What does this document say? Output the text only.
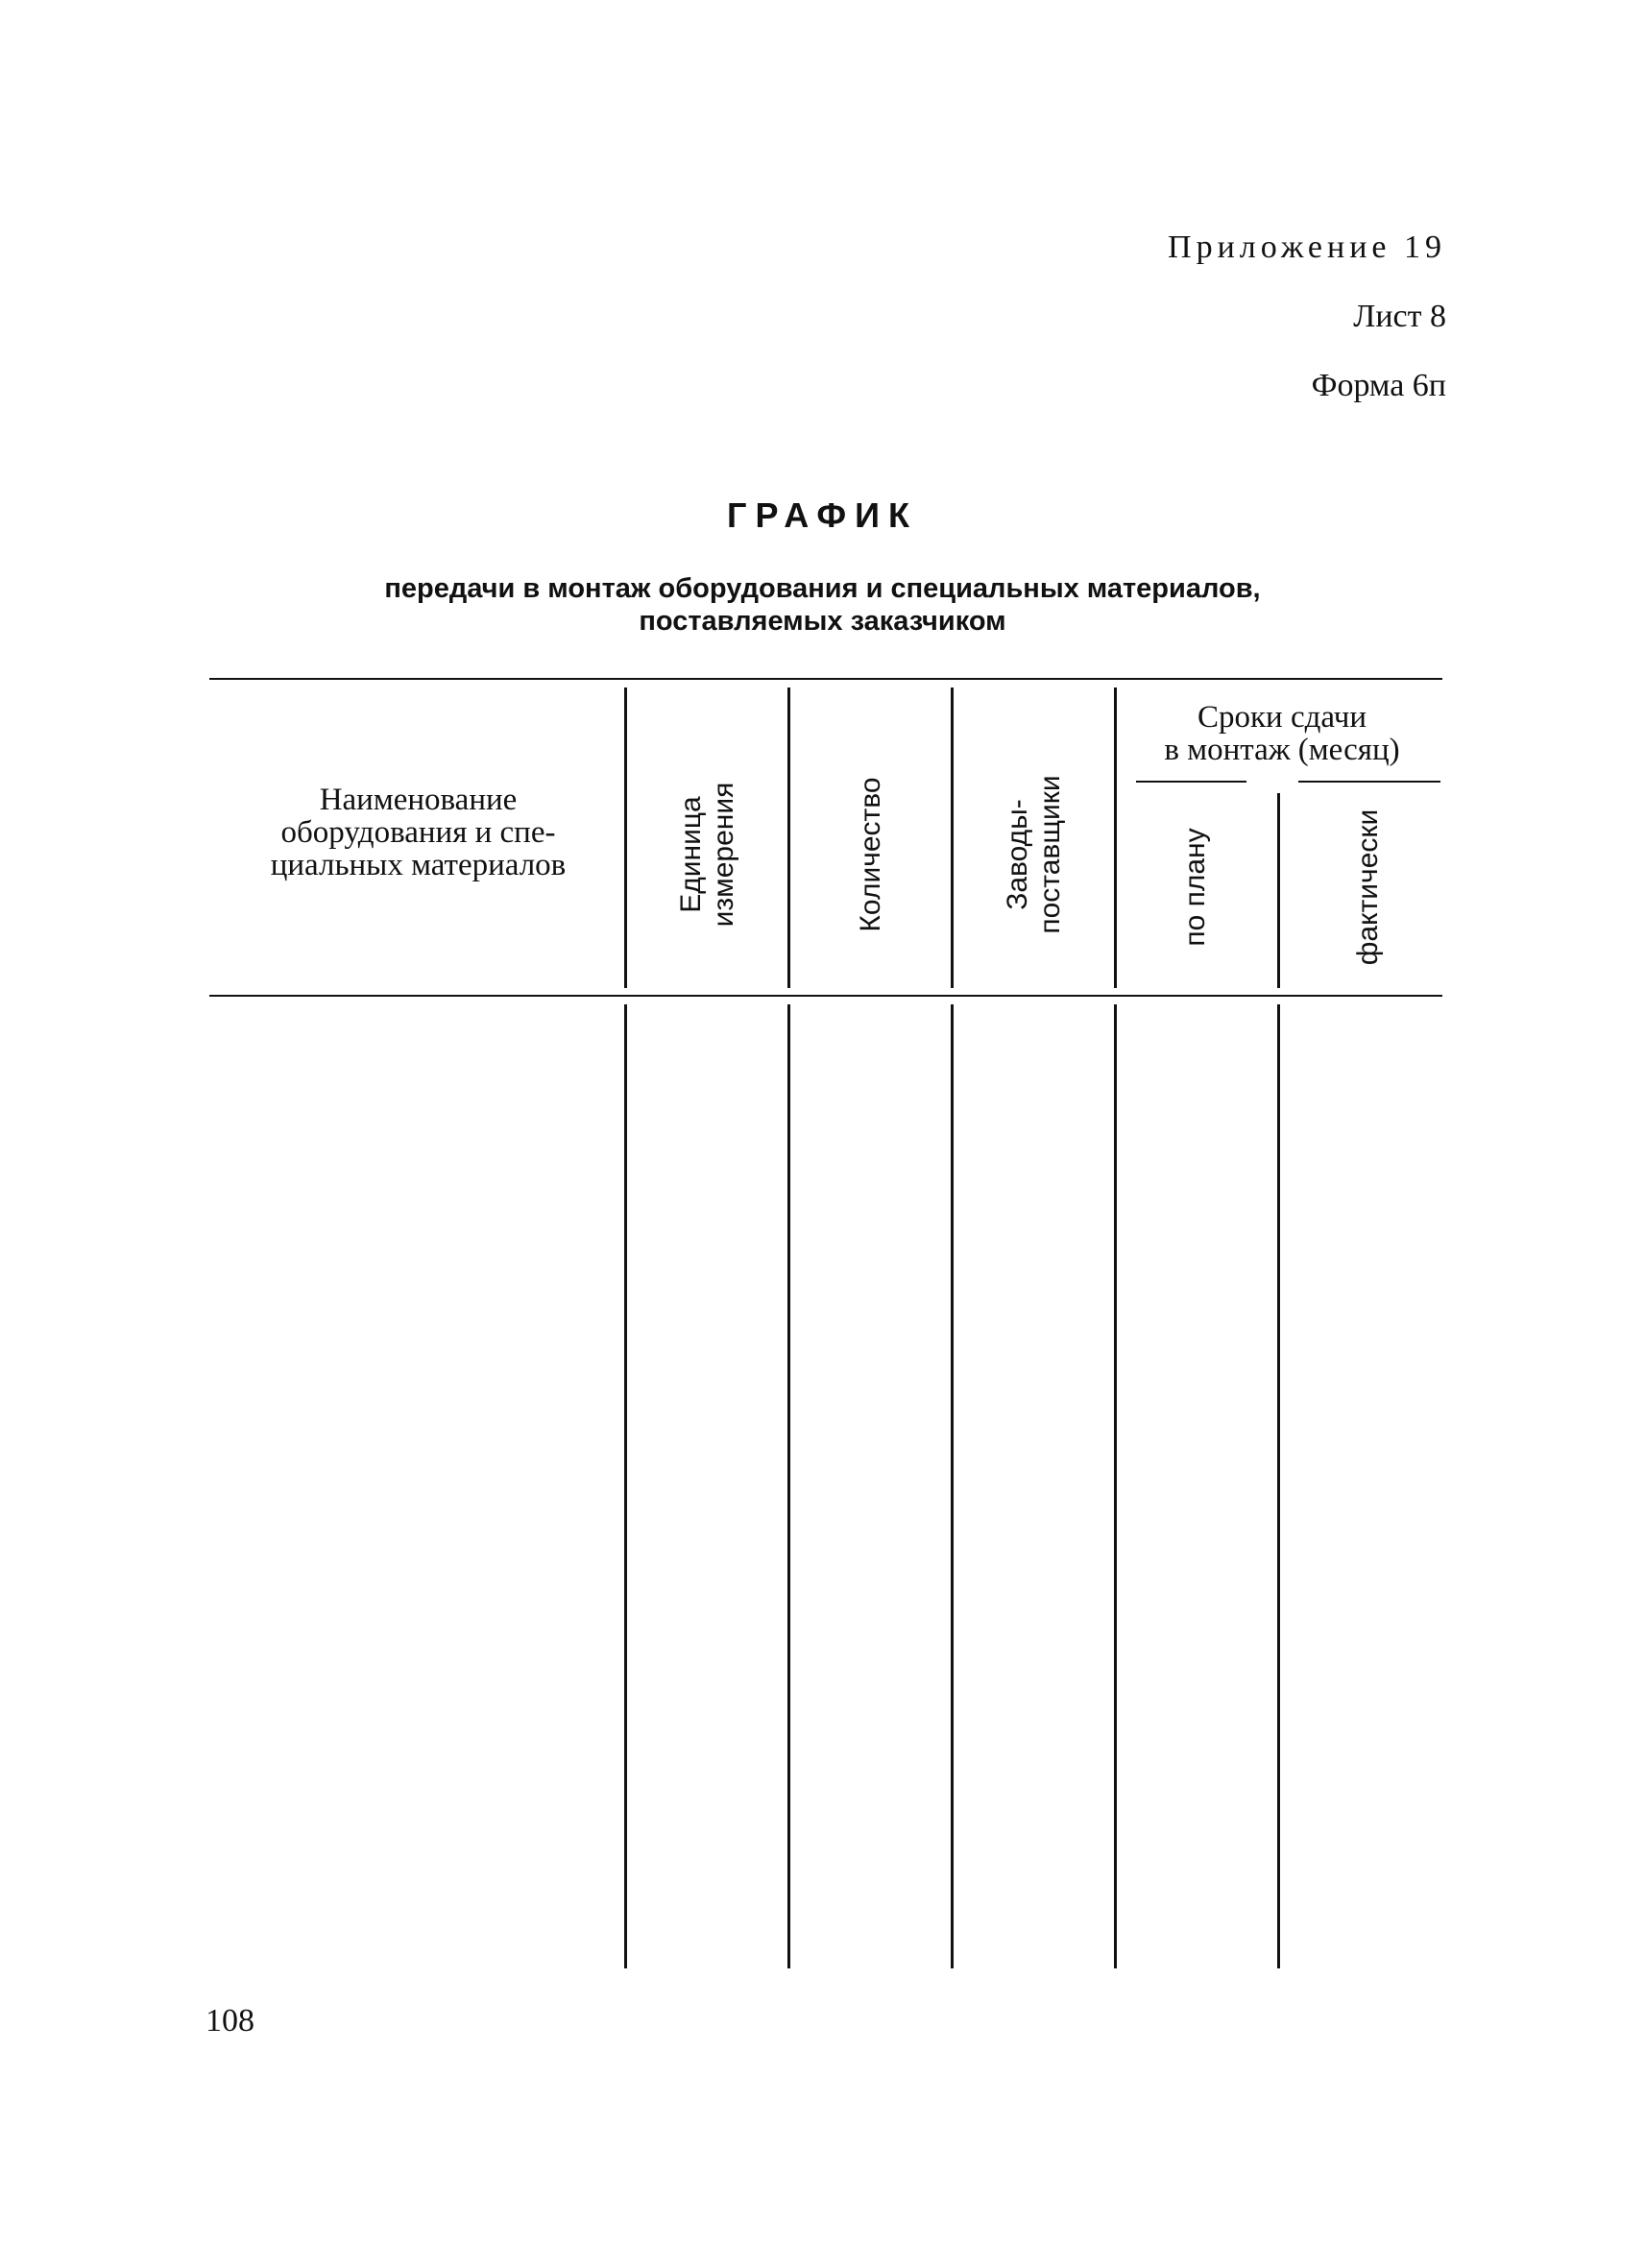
Приложение 19
Лист 8
Форма 6п
ГРАФИК
передачи в монтаж оборудования и специальных материалов,
поставляемых заказчиком
Наименование
оборудования и спе-
циальных материалов	Единица измерения	Количество	Заводы- поставщики
Сроки сдачи
в монтаж (месяц)
по плану	фактически
108
